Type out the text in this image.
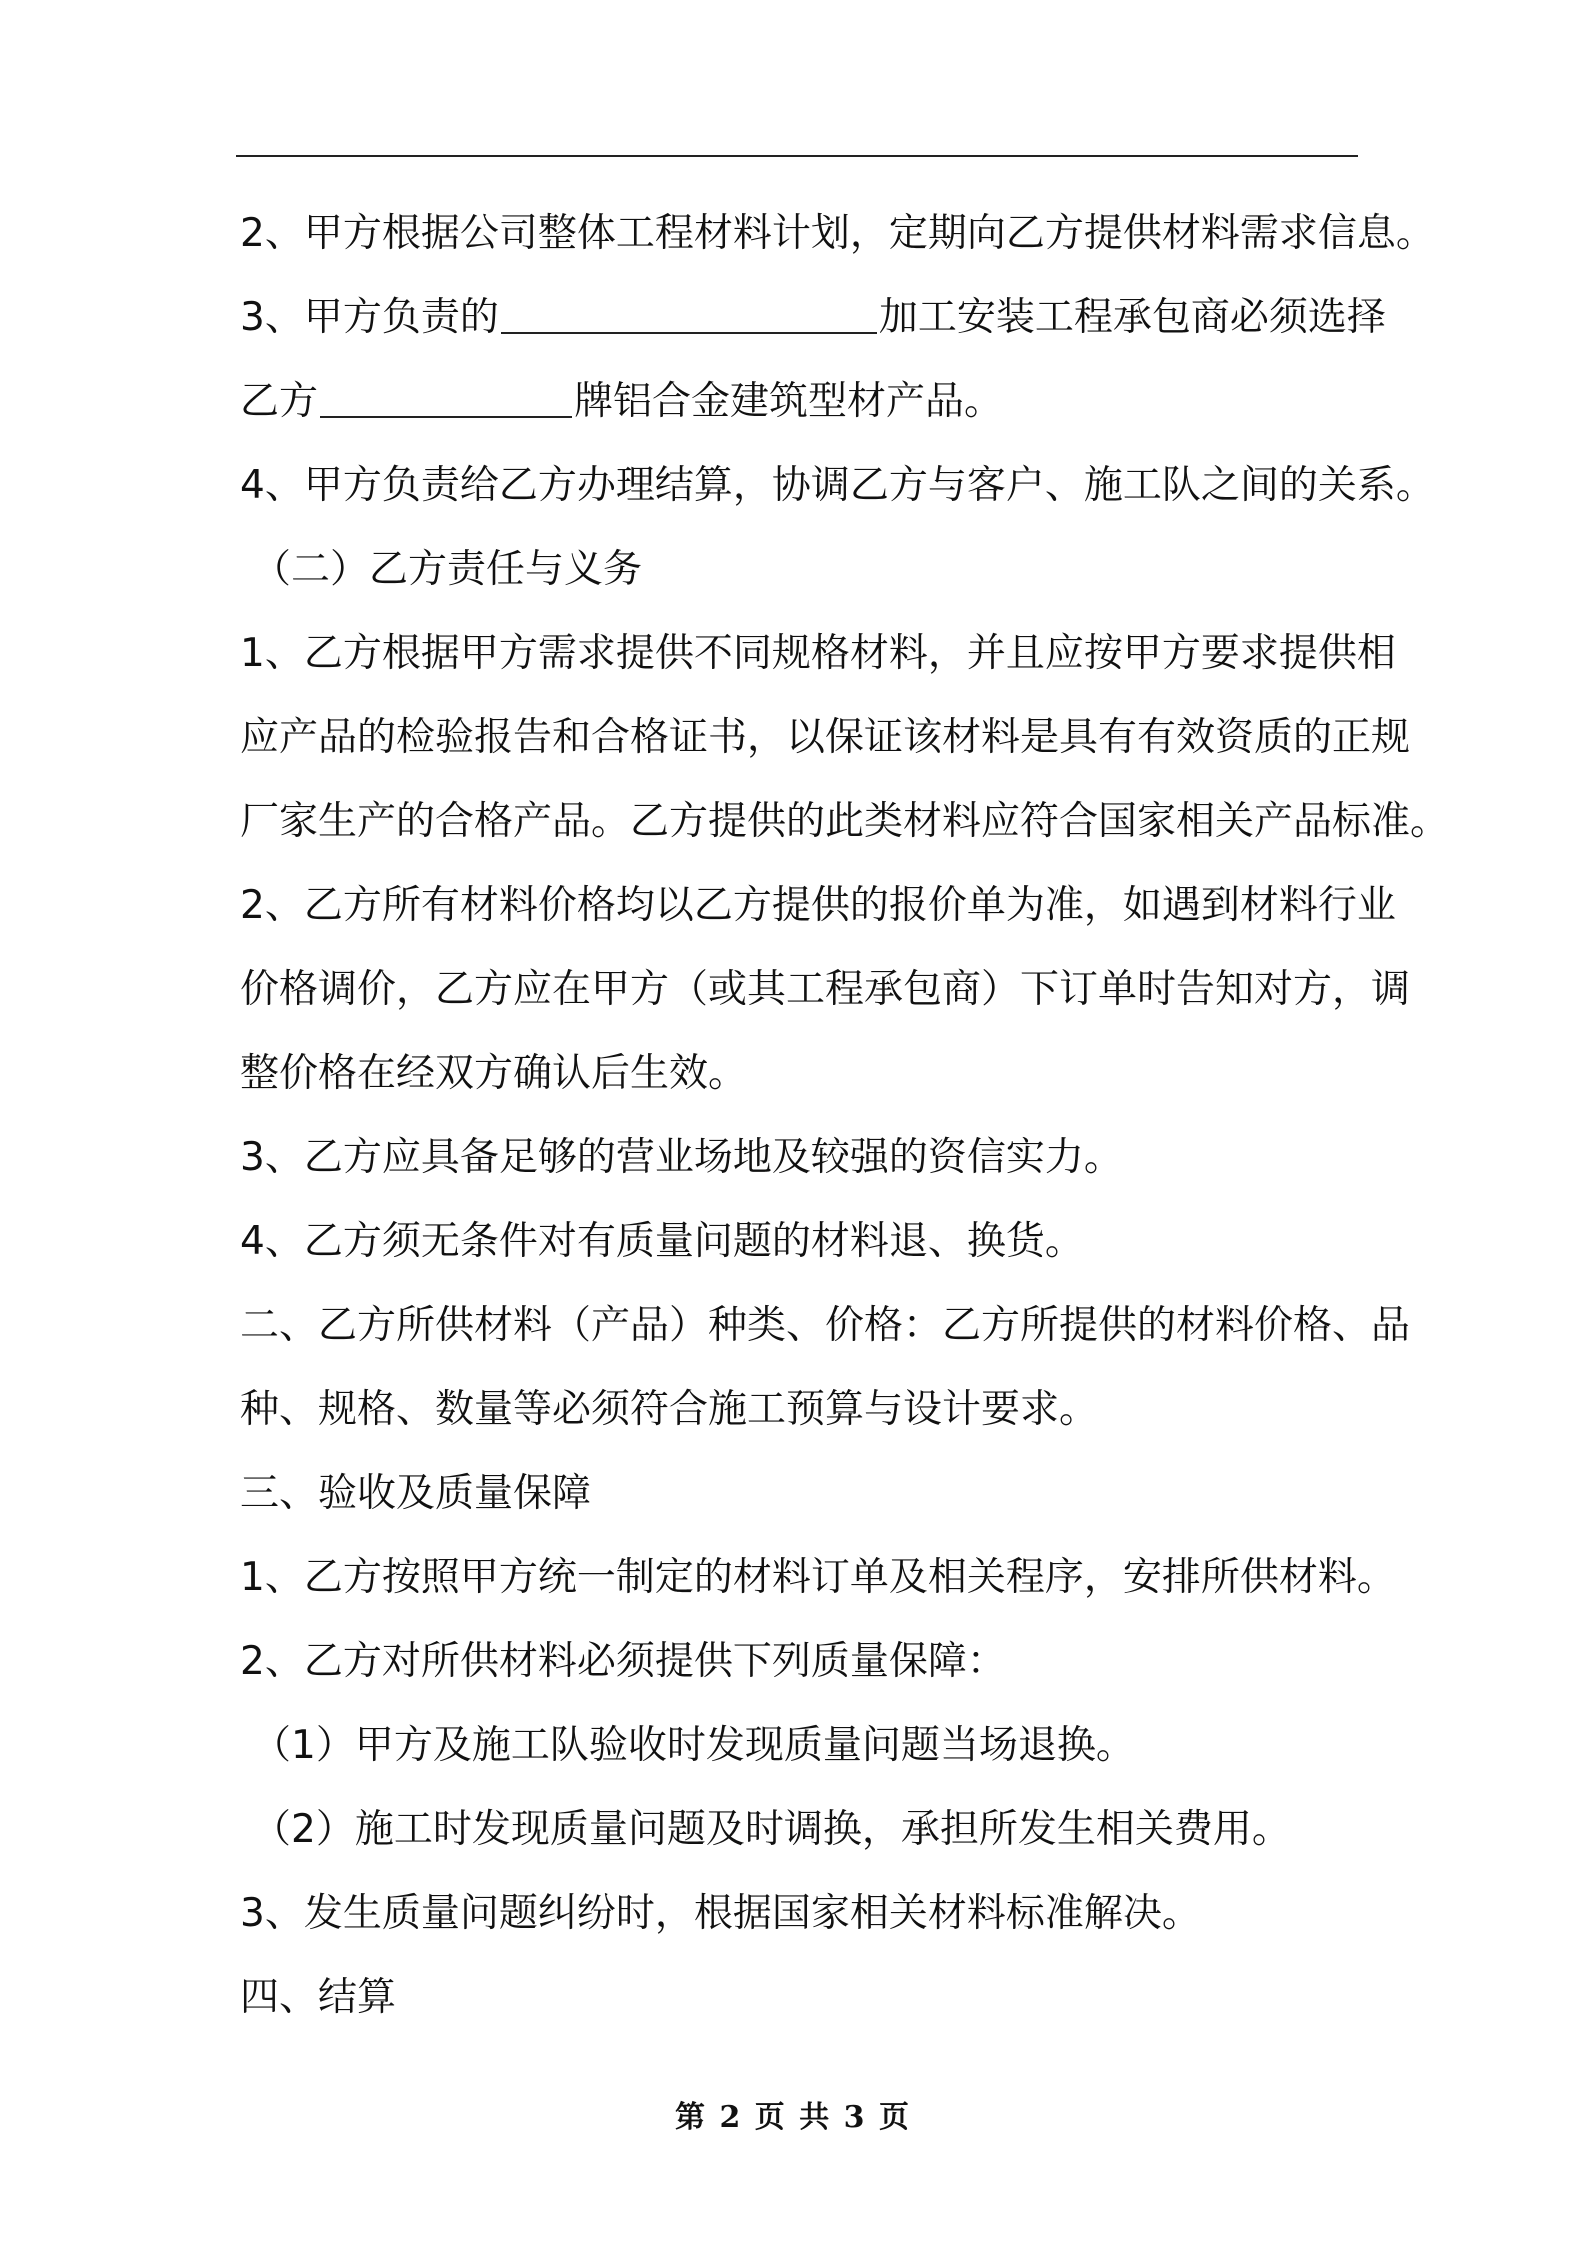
2、甲方根据公司整体工程材料计划，定期向乙方提供材料需求信息。
3、甲方负责的	加工安装工程承包商必须选择
乙方	牌铝合金建筑型材产品。
4、甲方负责给乙方办理结算，协调乙方与客户、施工队之间的关系。
（二）乙方责任与义务
1、乙方根据甲方需求提供不同规格材料，并且应按甲方要求提供相
应产品的检验报告和合格证书，以保证该材料是具有有效资质的正规
厂家生产的合格产品。乙方提供的此类材料应符合国家相关产品标准。
2、乙方所有材料价格均以乙方提供的报价单为准，如遇到材料行业
价格调价，乙方应在甲方（或其工程承包商）下订单时告知对方，调
整价格在经双方确认后生效。
3、乙方应具备足够的营业场地及较强的资信实力。
4、乙方须无条件对有质量问题的材料退、换货。
二、乙方所供材料（产品）种类、价格：乙方所提供的材料价格、品
种、规格、数量等必须符合施工预算与设计要求。
三、验收及质量保障
1、乙方按照甲方统一制定的材料订单及相关程序，安排所供材料。
2、乙方对所供材料必须提供下列质量保障：
（1）甲方及施工队验收时发现质量问题当场退换。
（2）施工时发现质量问题及时调换，承担所发生相关费用。
3、发生质量问题纠纷时，根据国家相关材料标准解决。
四、结算
第 2 页 共 3 页
